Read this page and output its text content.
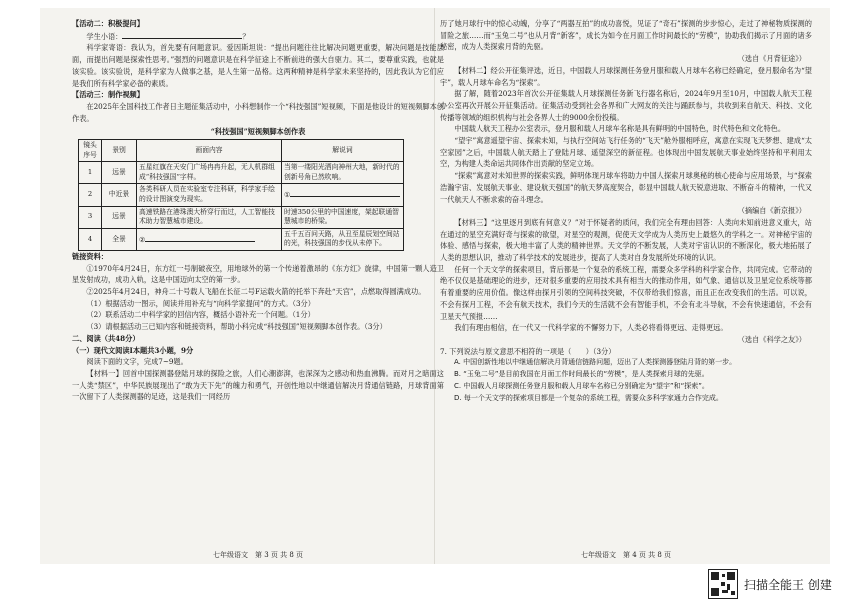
【活动二：积极提问】

学生小语：	？

科学家寄语：我认为，首先要有问题意识。爱因斯坦说：“提出问题往往比解决问题更重要，解决问题是技能层面，而提出问题是探索性思考。”强烈的问题意识是在科学征途上不断前进的强大自驱力。其二，要尊重实践，也就是该实验。该实验说，是科学家为人做事之基，是人生第一品格。这两种精神是科学家未来坚持的，因此我认为它们应是我们所有科学家必备的素质。

【活动三：制作视频】

在2025年全国科技工作者日主题征集活动中，小科想制作一个“科技强国”短视频，下面是他设计的短视频脚本创作表。

“科技强国”短视频脚本创作表

镜头序号	景别	画面内容	解说词
1	远景	五星红旗在天安门广场冉冉升起，无人机群组成“科技强国”字样。	当第一缕阳光洒向神州大地，新时代的创新号角已然吹响。
2	中近景	各类科研人员在实验室专注科研，科学家手绘的设计图演变为现实。	①
3	远景	高速铁路在港珠澳大桥穿行而过，人工智能技术助力智慧城市建设。	时速350公里的中国速度，架起联通智慧城市的桥梁。
4	全景	②	五千五百问天路，从丑至星辰划空间站的光，科技强国的步伐从未停下。

链接资料：

①1970年4月24日，东方红一号制破夜空，用地球外的第一个传递着激昂的《东方红》旋律，中国第一颗人造卫星发射成功，成功入轨，这是中国迈向太空的第一步。

②2025年4月24日，神舟二十号载人飞船在长征二号F运载火箭的托举下奔赴“天宫”，点燃取得圆满成功。

（1）根据活动一图示，阅读并用补充与“向科学家提问”的方式。（3分）

（2）联系活动二中科学家的回信内容，概括小语补充一个问题。（1分）

（3）请根据活动三已知内容和链接资料，帮助小科完成“科技强国”短视频脚本创作表。（3分）

二、阅读（共48分）

（一）现代文阅读Ⅰ本题共3小题，9分

阅读下面的文字，完成7~9题。

【材料一】回首中国探测器登陆月球的探险之旅，人们心潮澎湃，也深深为之感动和热血沸腾。而对月之暗面这一人类“禁区”，中华民族展现出了“敢为天下先”的魄力和勇气，开创性地以中继通信解决月背通信链路，月球背面第一次留下了人类探测器的足迹，这是我们一同经历

七年级语文　第 3 页 共 8 页

历了她月球行中的惊心动魄，分享了“两器互拍”的成功喜悦，见证了“奇石”探测的步步惊心，走过了神秘物质探测的冒险之旅……而“玉兔二号”也从月背“新客”，成长为如今在月面工作时间最长的“劳模”，协助我们揭示了月面的诸多秘密，成为人类探索月背的先驱。

（选自《月背征途》）

【材料二】经公开征集评选，近日，中国载人月球探测任务登月服和载人月球车名称已经确定，登月服命名为“望宇”，载人月球车命名为“探索”。

据了解，随着2023年首次公开征集载人月球探测任务新飞行器名称后，2024年9月至10月，中国载人航天工程办公室再次开展公开征集活动。征集活动受到社会各界和广大网友的关注与踊跃参与，共收到来自航天、科技、文化传播等领域的组织机构与社会各界人士的9000余份投稿。

中国载人航天工程办公室表示，登月服和载人月球车名称是具有鲜明的中国特色，时代特色和文化特色。

“望宇”寓意遥望宇宙、探索未知，与执行空间站飞行任务的“飞天”舱外服相呼应，寓意在实现飞天梦想、建成“太空家园”之后，中国载人航天踏上了登陆月球、遥望深空的新征程。也体现出中国发展航天事业始终坚持和平利用太空，为构建人类命运共同体作出贡献的坚定立场。

“探索”寓意对未知世界的探索实践，鲜明体现月球车将助力中国人探索月球奥秘的核心使命与应用场景，与“探索浩瀚宇宙、发展航天事业、建设航天强国”的航天梦高度契合，彰显中国载人航天锐意进取、不断奋斗的精神，一代又一代航天人不断求索的奋斗理念。

（摘编自《新京报》）

【材料三】“这里逐月到底有何意义？”对于怀疑者的质问，我们完全有理由回答：人类向未知前进意义重大，站在通过的星空充满好奇与探索的欲望，对星空的观测，促使天文学成为人类历史上最悠久的学科之一。对神秘宇宙的体验、感悟与探索，极大地丰富了人类的精神世界。天文学的不断发展，人类对宇宙认识的不断深化，极大地拓展了人类的思想认识，推动了科学技术的发展进步，提高了人类对自身发展所处环境的认识。

任何一个天文学的探索项目，背后都是一个复杂的系统工程，需要众多学科的科学家合作，共同完成。它带动的绝不仅仅是基础理论的进步，还对很多重要的应用技术具有相当大的推动作用，如气象、通信以及卫星定位系统等都有着重要的应用价值。像这样由探月引领的空间科技突破，不仅带给我们惊喜，而且正在改变我们的生活。可以说，不会有探月工程，不会有航天技术，我们今天的生活就不会有智能手机，不会有北斗导航，不会有快速通信，不会有卫星天气预报……

我们有理由相信，在一代又一代科学家的不懈努力下，人类必将看得更远、走得更远。

（选自《科学之友》）

7. 下列说法与原文意思不相符的一项是（　　）（3分）

A. 中国创新性地以中继通信解决月背通信链路问题，迈出了人类探测器登陆月背的第一步。

B. “玉兔二号”是目前我国在月面工作时间最长的“劳模”，是人类探索月球的先驱。

C. 中国载人月球探测任务登月服和载人月球车名称已分别确定为“望宇”和“探索”。

D. 每一个天文学的探索项目都是一个复杂的系统工程，需要众多科学家通力合作完成。

七年级语文　第 4 页 共 8 页
扫描全能王 创建
